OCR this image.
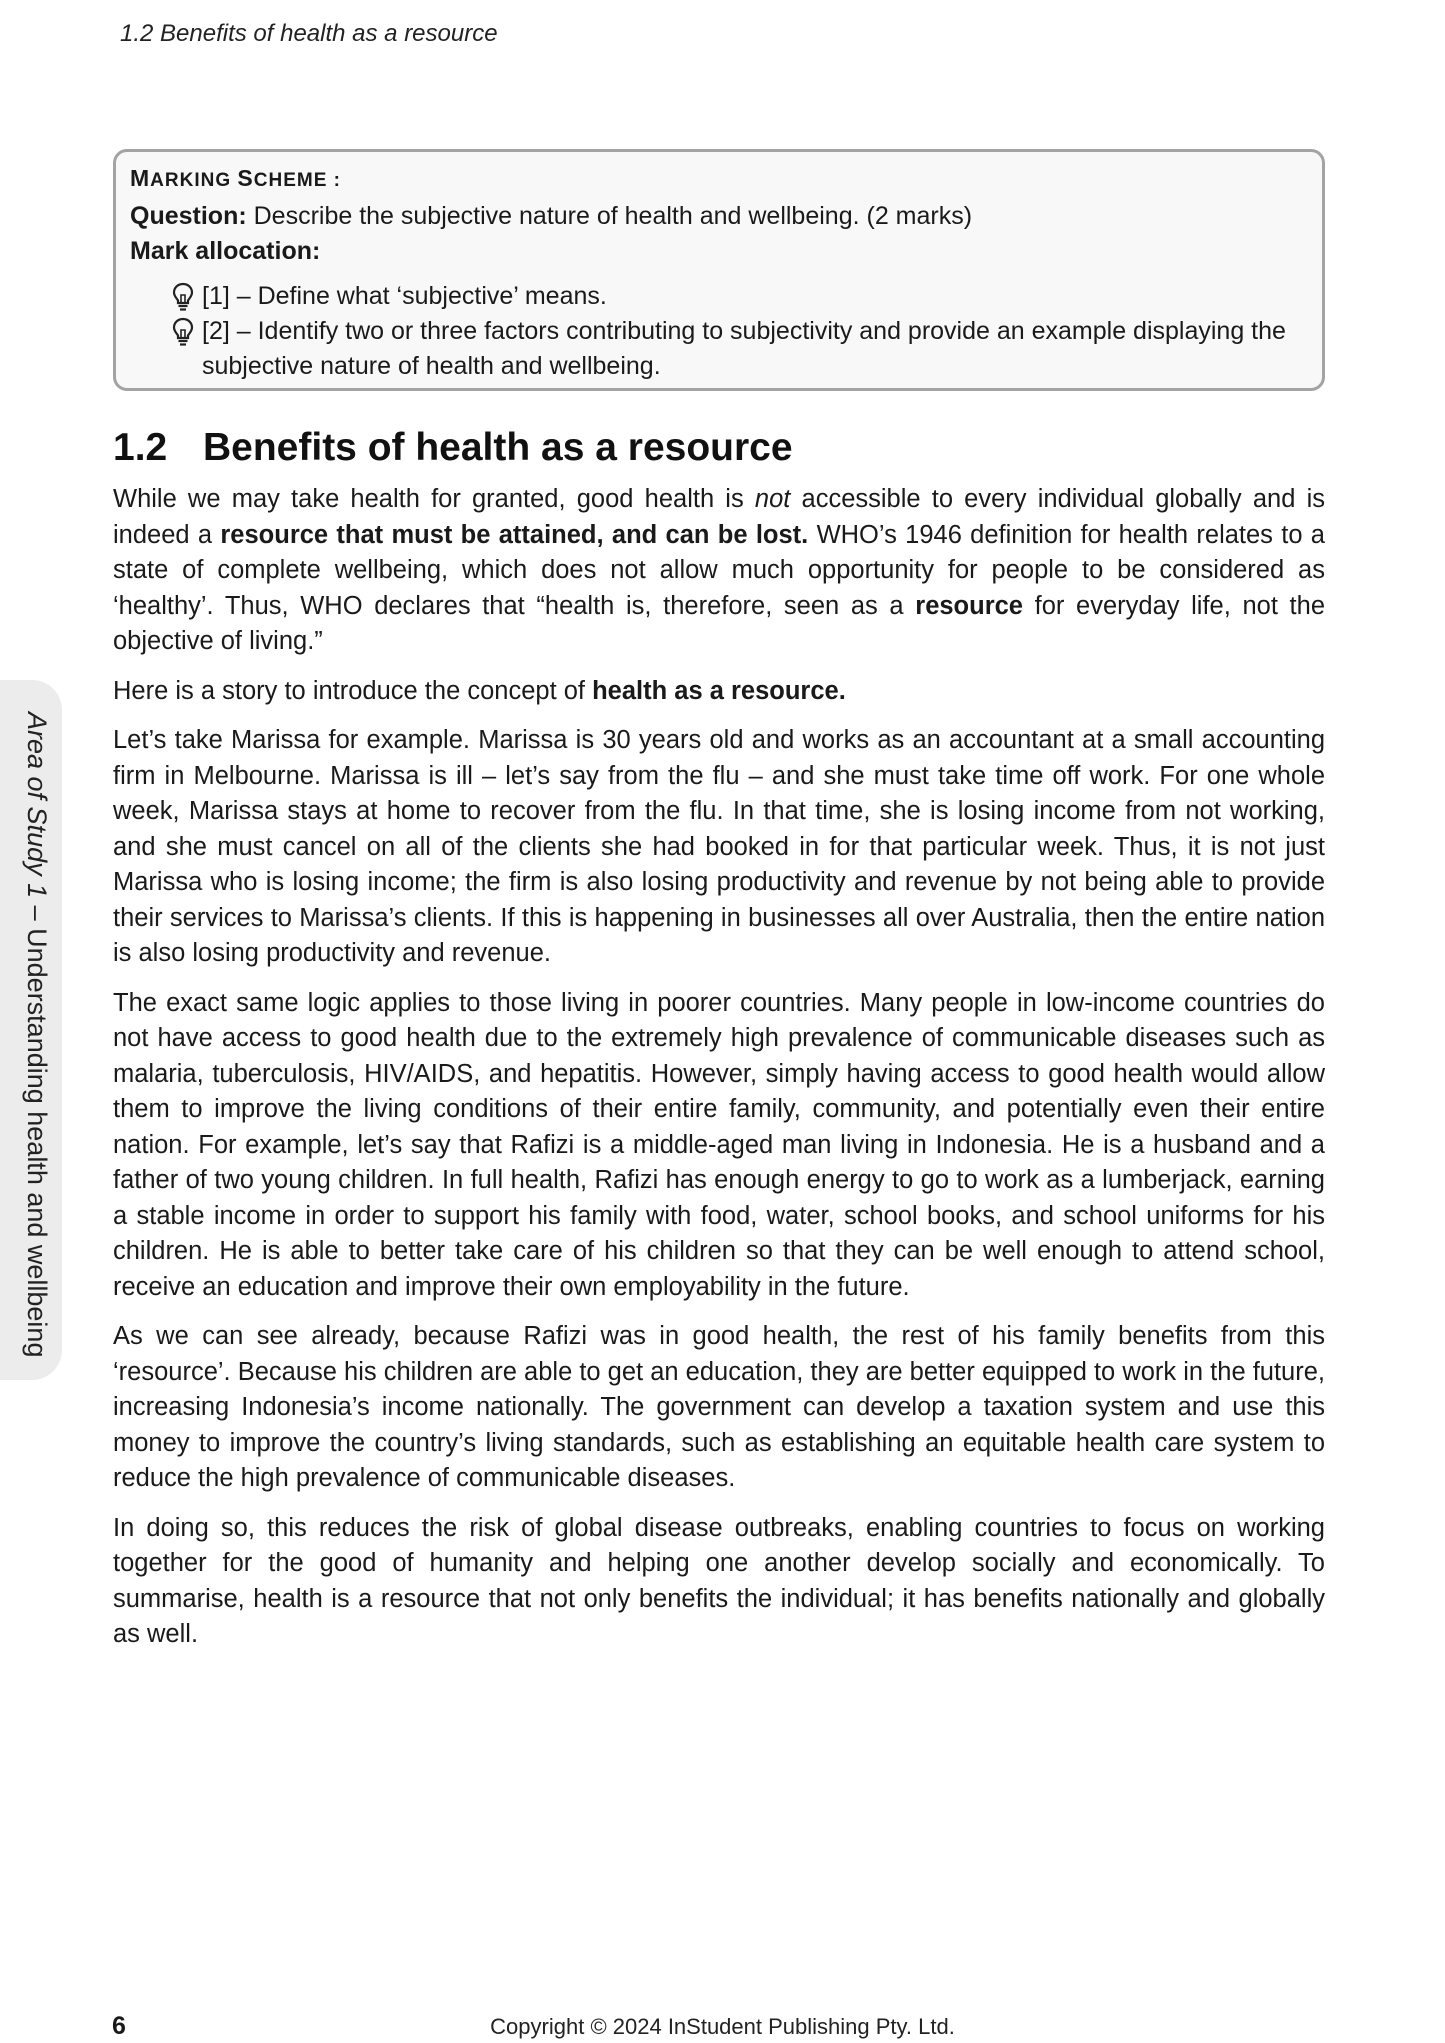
1.2 Benefits of health as a resource
Area of Study 1 – Understanding health and wellbeing
MARKING SCHEME :
Question: Describe the subjective nature of health and wellbeing. (2 marks)
Mark allocation:
[1] – Define what ‘subjective’ means.
[2] – Identify two or three factors contributing to subjectivity and provide an example displaying the subjective nature of health and wellbeing.
1.2 Benefits of health as a resource

While we may take health for granted, good health is not accessible to every individual globally and is indeed a resource that must be attained, and can be lost. WHO’s 1946 definition for health relates to a state of complete wellbeing, which does not allow much opportunity for people to be considered as ‘healthy’. Thus, WHO declares that “health is, therefore, seen as a resource for everyday life, not the objective of living.”

Here is a story to introduce the concept of health as a resource.

Let’s take Marissa for example. Marissa is 30 years old and works as an accountant at a small accounting firm in Melbourne. Marissa is ill – let’s say from the flu – and she must take time off work. For one whole week, Marissa stays at home to recover from the flu. In that time, she is losing income from not working, and she must cancel on all of the clients she had booked in for that particular week. Thus, it is not just Marissa who is losing income; the firm is also losing productivity and revenue by not being able to provide their services to Marissa’s clients. If this is happening in businesses all over Australia, then the entire nation is also losing productivity and revenue.

The exact same logic applies to those living in poorer countries. Many people in low-income countries do not have access to good health due to the extremely high prevalence of communicable diseases such as malaria, tuberculosis, HIV/AIDS, and hepatitis. However, simply having access to good health would allow them to improve the living conditions of their entire family, community, and potentially even their entire nation. For example, let’s say that Rafizi is a middle-aged man living in Indonesia. He is a husband and a father of two young children. In full health, Rafizi has enough energy to go to work as a lumberjack, earning a stable income in order to support his family with food, water, school books, and school uniforms for his children. He is able to better take care of his children so that they can be well enough to attend school, receive an education and improve their own employability in the future.

As we can see already, because Rafizi was in good health, the rest of his family benefits from this ‘resource’. Because his children are able to get an education, they are better equipped to work in the future, increasing Indonesia’s income nationally. The government can develop a taxation system and use this money to improve the country’s living standards, such as establishing an equitable health care system to reduce the high prevalence of communicable diseases.

In doing so, this reduces the risk of global disease outbreaks, enabling countries to focus on working together for the good of humanity and helping one another develop socially and economically. To summarise, health is a resource that not only benefits the individual; it has benefits nationally and globally as well.

6	Copyright © 2024 InStudent Publishing Pty. Ltd.
